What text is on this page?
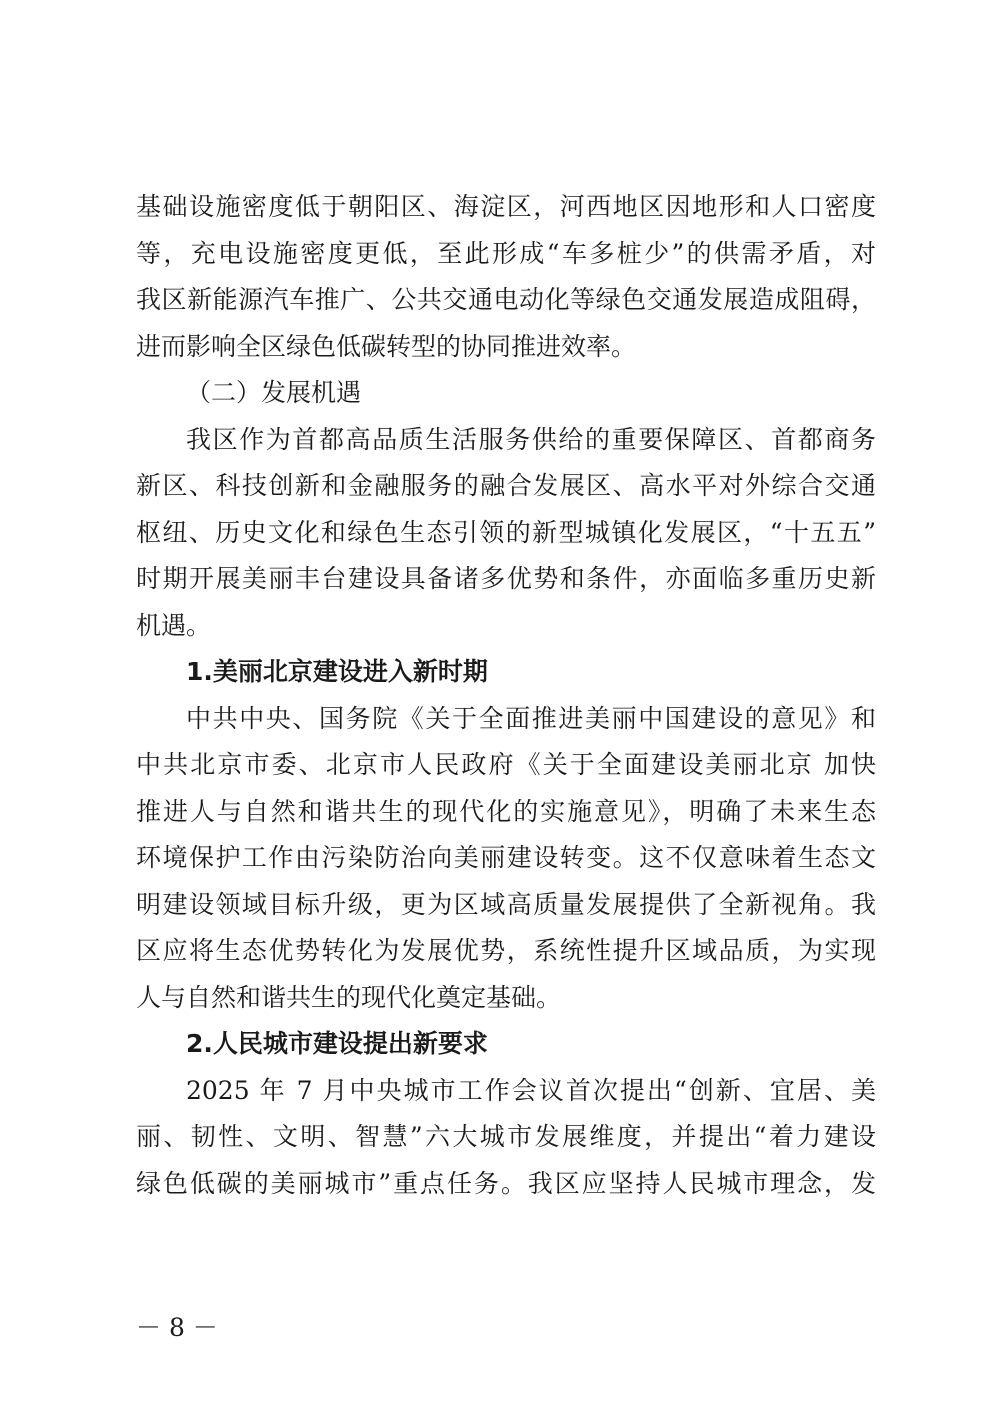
基础设施密度低于朝阳区、海淀区，河西地区因地形和人口密度
等，充电设施密度更低，至此形成“车多桩少”的供需矛盾，对
我区新能源汽车推广、公共交通电动化等绿色交通发展造成阻碍，
进而影响全区绿色低碳转型的协同推进效率。
（二）发展机遇
我区作为首都高品质生活服务供给的重要保障区、首都商务
新区、科技创新和金融服务的融合发展区、高水平对外综合交通
枢纽、历史文化和绿色生态引领的新型城镇化发展区，“十五五”
时期开展美丽丰台建设具备诸多优势和条件，亦面临多重历史新
机遇。
1.美丽北京建设进入新时期
中共中央、国务院《关于全面推进美丽中国建设的意见》和
中共北京市委、北京市人民政府《关于全面建设美丽北京 加快
推进人与自然和谐共生的现代化的实施意见》，明确了未来生态
环境保护工作由污染防治向美丽建设转变。这不仅意味着生态文
明建设领域目标升级，更为区域高质量发展提供了全新视角。我
区应将生态优势转化为发展优势，系统性提升区域品质，为实现
人与自然和谐共生的现代化奠定基础。
2.人民城市建设提出新要求
2025 年 7 月中央城市工作会议首次提出“创新、宜居、美
丽、韧性、文明、智慧”六大城市发展维度，并提出“着力建设
绿色低碳的美丽城市”重点任务。我区应坚持人民城市理念，发
－ 8 －
